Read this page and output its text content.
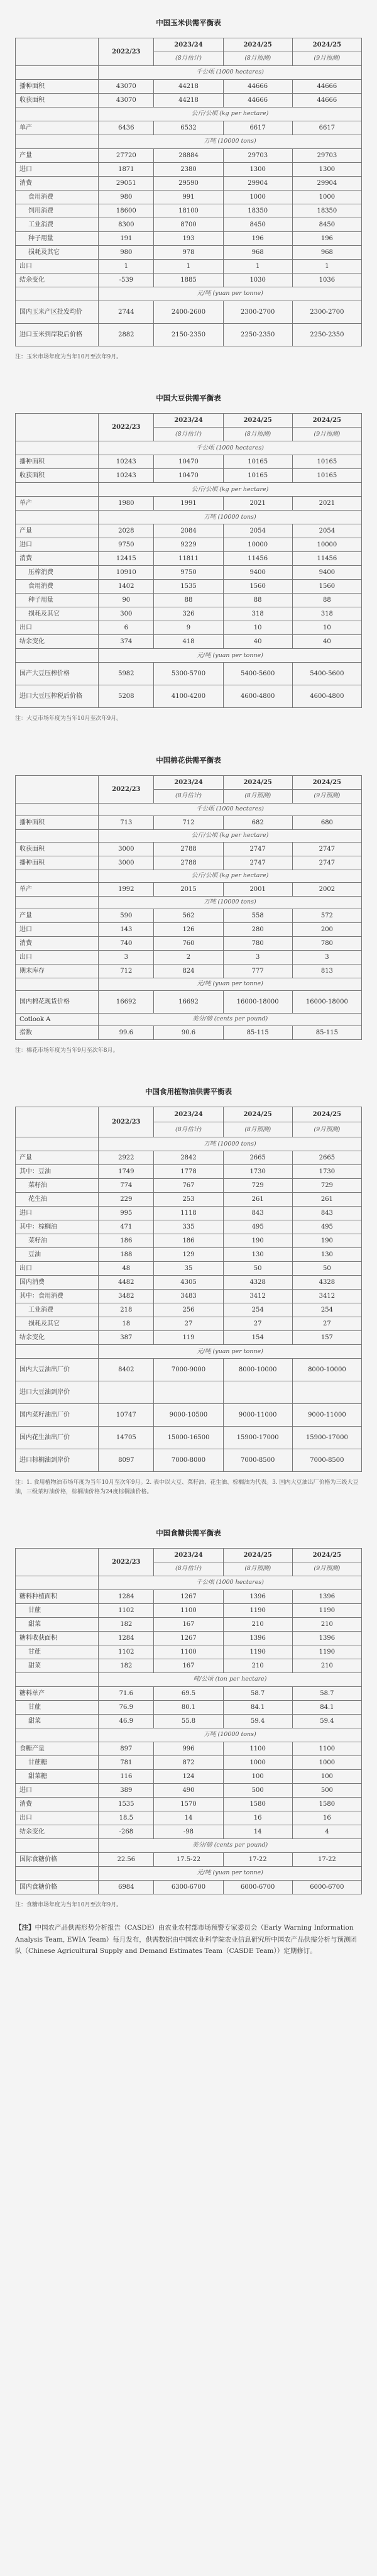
中国玉米供需平衡表
	2022/23	2023/24	2024/25	2024/25
		(8月估计)	(8月预测)	(9月预测)
	千公顷 (1000 hectares)			
播种面积	43070	44218	44666	44666
收获面积	43070	44218	44666	44666
	公斤/公顷 (kg per hectare)			
单产	6436	6532	6617	6617
	万吨 (10000 tons)			
产量	27720	28884	29703	29703
进口	1871	2380	1300	1300
消费	29051	29590	29904	29904
食用消费	980	991	1000	1000
饲用消费	18600	18100	18350	18350
工业消费	8300	8700	8450	8450
种子用量	191	193	196	196
损耗及其它	980	978	968	968
出口	1	1	1	1
结余变化	-539	1885	1030	1036
	元/吨 (yuan per tonne)			
国内玉米产区批发均价	2744	2400-2600	2300-2700	2300-2700
进口玉米到岸税后价格	2882	2150-2350	2250-2350	2250-2350
注：玉米市场年度为当年10月至次年9月。
中国大豆供需平衡表
	2022/23	2023/24	2024/25	2024/25
		(8月估计)	(8月预测)	(9月预测)
	千公顷 (1000 hectares)			
播种面积	10243	10470	10165	10165
收获面积	10243	10470	10165	10165
	公斤/公顷 (kg per hectare)			
单产	1980	1991	2021	2021
	万吨 (10000 tons)			
产量	2028	2084	2054	2054
进口	9750	9229	10000	10000
消费	12415	11811	11456	11456
压榨消费	10910	9750	9400	9400
食用消费	1402	1535	1560	1560
种子用量	90	88	88	88
损耗及其它	300	326	318	318
出口	6	9	10	10
结余变化	374	418	40	40
	元/吨 (yuan per tonne)			
国产大豆压榨价格	5982	5300-5700	5400-5600	5400-5600
进口大豆压榨税后价格	5208	4100-4200	4600-4800	4600-4800
注：大豆市场年度为当年10月至次年9月。
中国棉花供需平衡表
	2022/23	2023/24	2024/25	2024/25
		(8月估计)	(8月预测)	(9月预测)
	千公顷 (1000 hectares)			
播种面积	713	712	682	680
	公斤/公顷 (kg per hectare)			
收获面积	3000	2788	2747	2747
播种面积	3000	2788	2747	2747
	公斤/公顷 (kg per hectare)			
单产	1992	2015	2001	2002
	万吨 (10000 tons)			
产量	590	562	558	572
进口	143	126	280	200
消费	740	760	780	780
出口	3	2	3	3
期末库存	712	824	777	813
	元/吨 (yuan per tonne)			
国内棉花现货价格	16692	16692	16000-18000	16000-18000
Cotlook A	美分/磅 (cents per pound)			
指数	99.6	90.6	85-115	85-115
注：棉花市场年度为当年9月至次年8月。
中国食用植物油供需平衡表
	2022/23	2023/24	2024/25	2024/25
		(8月估计)	(8月预测)	(9月预测)
	万吨 (10000 tons)			
产量	2922	2842	2665	2665
其中：豆油	1749	1778	1730	1730
菜籽油	774	767	729	729
花生油	229	253	261	261
进口	995	1118	843	843
其中：棕榈油	471	335	495	495
菜籽油	186	186	190	190
豆油	188	129	130	130
出口	48	35	50	50
国内消费	4482	4305	4328	4328
其中：食用消费	3482	3483	3412	3412
工业消费	218	256	254	254
损耗及其它	18	27	27	27
结余变化	387	119	154	157
	元/吨 (yuan per tonne)			
国内大豆油出厂价	8402	7000-9000	8000-10000	8000-10000
进口大豆油到岸价				
国内菜籽油出厂价	10747	9000-10500	9000-11000	9000-11000
国内花生油出厂价	14705	15000-16500	15900-17000	15900-17000
进口棕榈油到岸价	8097	7000-8000	7000-8500	7000-8500
注：1. 食用植物油市场年度为当年10月至次年9月。2. 表中以大豆、菜籽油、花生油、棕榈油为代表。3. 国内大豆油出厂价格为三级大豆油，三级菜籽油价格，棕榈油价格为24度棕榈油价格。
中国食糖供需平衡表
	2022/23	2023/24	2024/25	2024/25
		(8月估计)	(8月预测)	(9月预测)
	千公顷 (1000 hectares)			
糖料种植面积	1284	1267	1396	1396
甘蔗	1102	1100	1190	1190
甜菜	182	167	210	210
糖料收获面积	1284	1267	1396	1396
甘蔗	1102	1100	1190	1190
甜菜	182	167	210	210
	吨/公顷 (ton per hectare)			
糖料单产	71.6	69.5	58.7	58.7
甘蔗	76.9	80.1	84.1	84.1
甜菜	46.9	55.8	59.4	59.4
	万吨 (10000 tons)			
食糖产量	897	996	1100	1100
甘蔗糖	781	872	1000	1000
甜菜糖	116	124	100	100
进口	389	490	500	500
消费	1535	1570	1580	1580
出口	18.5	14	16	16
结余变化	-268	-98	14	4
	美分/磅 (cents per pound)			
国际食糖价格	22.56	17.5-22	17-22	17-22
	元/吨 (yuan per tonne)			
国内食糖价格	6984	6300-6700	6000-6700	6000-6700
注：食糖市场年度为当年10月至次年9月。
【注】中国农产品供需形势分析报告（CASDE）由农业农村部市场预警专家委员会（Early Warning Information Analysis Team, EWIA Team）每月发布，供需数据由中国农业科学院农业信息研究所中国农产品供需分析与预测团队（Chinese Agricultural Supply and Demand Estimates Team（CASDE Team））定期修订。
